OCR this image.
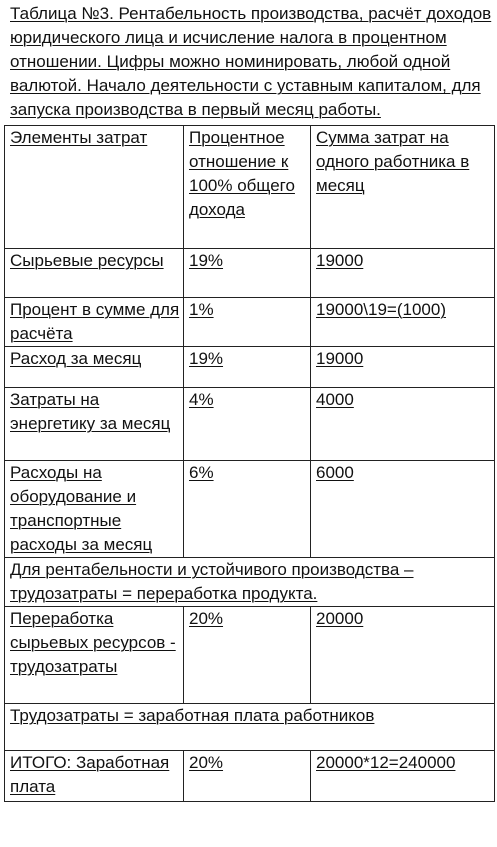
Таблица №3. Рентабельность производства, расчёт доходов юридического лица и исчисление налога в процентном отношении. Цифры можно номинировать, любой одной валютой. Начало деятельности с уставным капиталом, для запуска производства в первый месяц работы.
Элементы затрат	Процентное отношение к 100% общего дохода	Сумма затрат на одного работника в месяц
Сырьевые ресурсы	19%	19000
Процент в сумме для расчёта	1%	19000\19=(1000)
Расход за месяц	19%	19000
Затраты на энергетику за месяц	4%	4000
Расходы на оборудование и транспортные расходы за месяц	6%	6000
Для рентабельности и устойчивого производства – трудозатраты = переработка продукта.		
Переработка сырьевых ресурсов - трудозатраты	20%	20000
Трудозатраты = заработная плата работников		
ИТОГО: Заработная плата	20%	20000*12=240000
